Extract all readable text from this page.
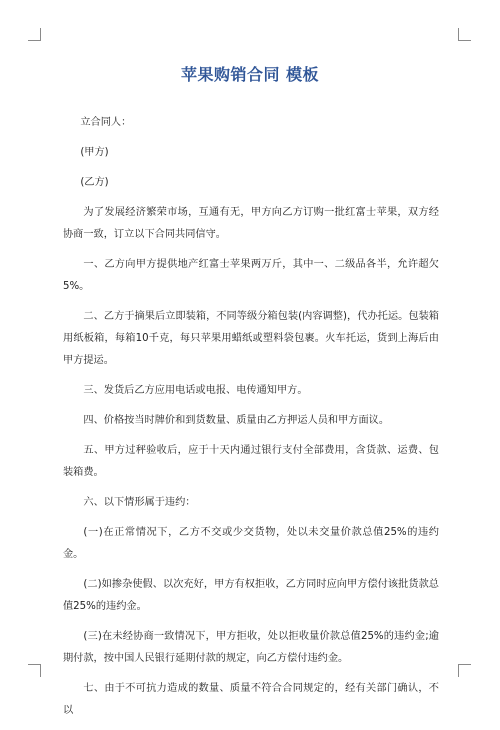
苹果购销合同 模板

立合同人：

(甲方)

(乙方)

为了发展经济繁荣市场，互通有无，甲方向乙方订购一批红富士苹果，双方经协商一致，订立以下合同共同信守。

一、乙方向甲方提供地产红富士苹果两万斤，其中一、二级品各半，允许超欠5%。

二、乙方于摘果后立即装箱，不同等级分箱包装(内容调整)，代办托运。包装箱用纸板箱，每箱10千克，每只苹果用蜡纸或塑料袋包裹。火车托运，货到上海后由甲方提运。

三、发货后乙方应用电话或电报、电传通知甲方。

四、价格按当时牌价和到货数量、质量由乙方押运人员和甲方面议。

五、甲方过秤验收后，应于十天内通过银行支付全部费用，含货款、运费、包装箱费。

六、以下情形属于违约：

(一)在正常情况下，乙方不交或少交货物，处以未交量价款总值25%的违约金。

(二)如掺杂使假、以次充好，甲方有权拒收，乙方同时应向甲方偿付该批货款总值25%的违约金。

(三)在未经协商一致情况下，甲方拒收，处以拒收量价款总值25%的违约金;逾期付款，按中国人民银行延期付款的规定，向乙方偿付违约金。

七、由于不可抗力造成的数量、质量不符合合同规定的，经有关部门确认，不以
